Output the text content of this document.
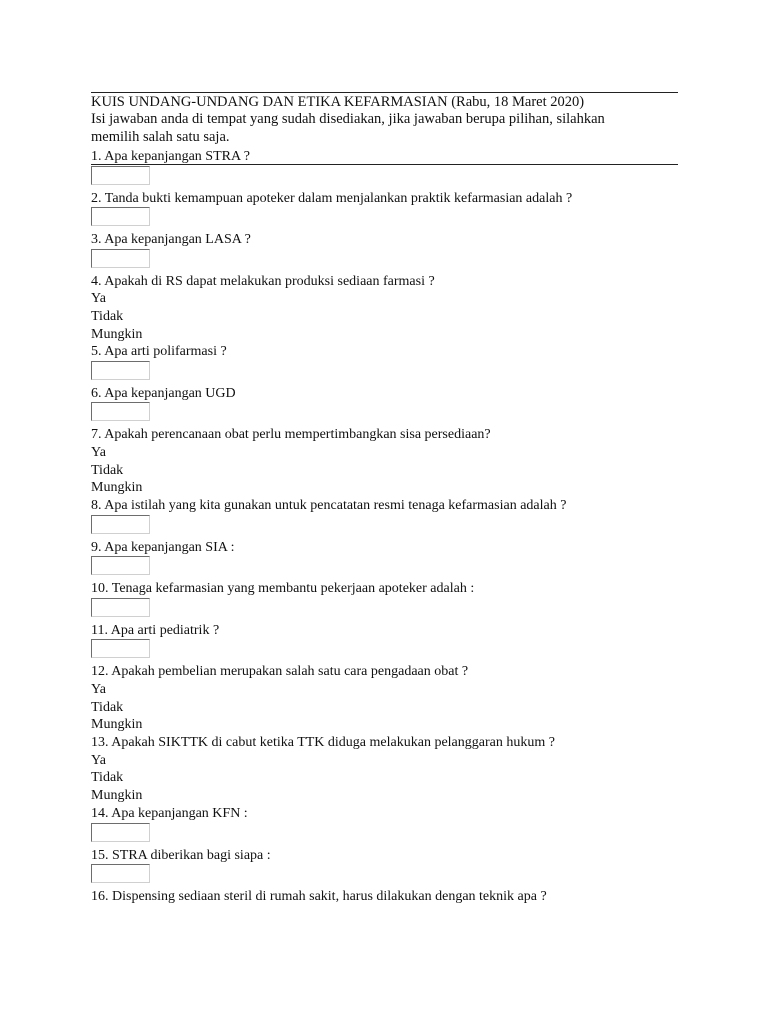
KUIS UNDANG-UNDANG DAN ETIKA KEFARMASIAN (Rabu, 18 Maret 2020)
Isi jawaban anda di tempat yang sudah disediakan, jika jawaban berupa pilihan, silahkan memilih salah satu saja.
1. Apa kepanjangan STRA ?
2. Tanda bukti kemampuan apoteker dalam menjalankan praktik kefarmasian adalah ?
3. Apa kepanjangan LASA ?
4. Apakah di RS dapat melakukan produksi sediaan farmasi ?
Ya
Tidak
Mungkin
5. Apa arti polifarmasi ?
6. Apa kepanjangan UGD
7. Apakah perencanaan obat perlu mempertimbangkan sisa persediaan?
Ya
Tidak
Mungkin
8. Apa istilah yang kita gunakan untuk pencatatan resmi tenaga kefarmasian adalah ?
9. Apa kepanjangan SIA :
10. Tenaga kefarmasian yang membantu pekerjaan apoteker adalah :
11. Apa arti pediatrik ?
12. Apakah pembelian merupakan salah satu cara pengadaan obat ?
Ya
Tidak
Mungkin
13. Apakah SIKTTK di cabut ketika TTK diduga melakukan pelanggaran hukum ?
Ya
Tidak
Mungkin
14. Apa kepanjangan KFN :
15. STRA diberikan bagi siapa :
16. Dispensing sediaan steril di rumah sakit, harus dilakukan dengan teknik apa ?
